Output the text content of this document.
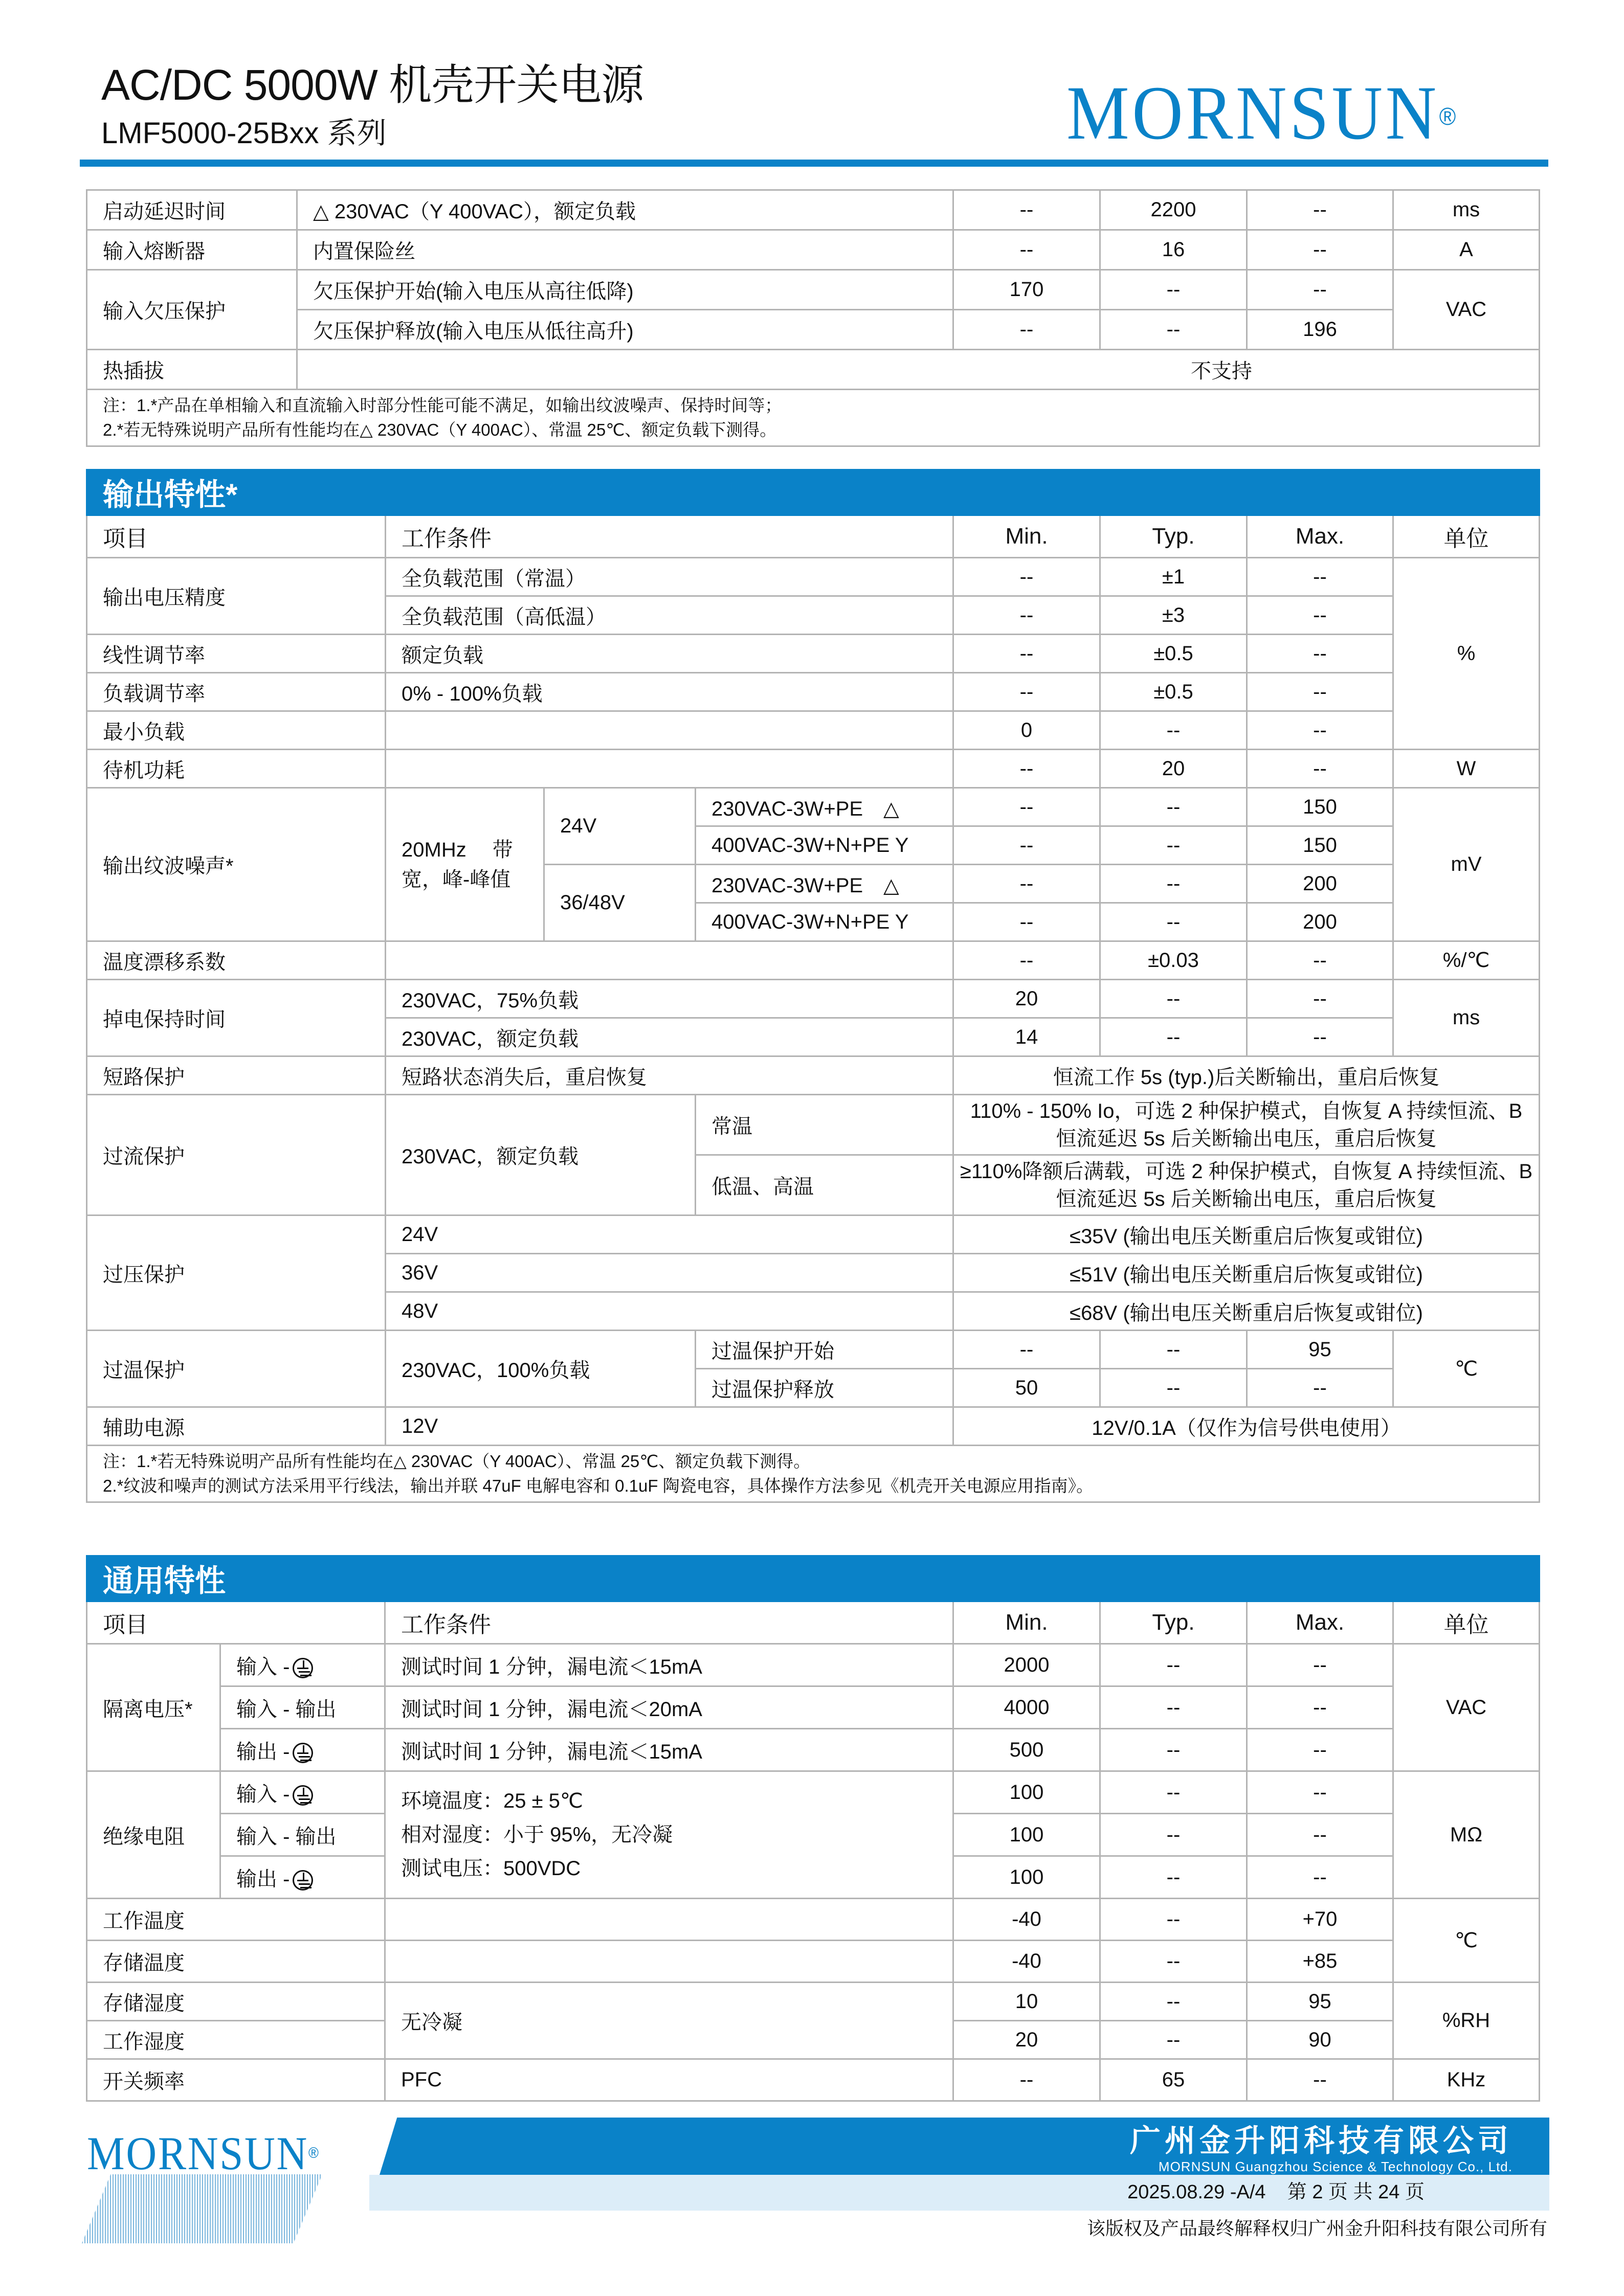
AC/DC 5000W 机壳开关电源
LMF5000-25Bxx 系列	MORNSUN®
启动延迟时间	△ 230VAC（Y 400VAC），额定负载	--	2200	--	ms
输入熔断器	内置保险丝	--	16	--	A
输入欠压保护	欠压保护开始(输入电压从高往低降)	170	--	--	VAC
	欠压保护释放(输入电压从低往高升)	--	--	196	
热插拔		不支持			

注：1.*产品在单相输入和直流输入时部分性能可能不满足，如输出纹波噪声、保持时间等；
2.*若无特殊说明产品所有性能均在△ 230VAC（Y 400AC）、常温 25℃、额定负载下测得。					
输出特性*							
项目	工作条件			Min.	Typ.	Max.	单位
输出电压精度	全负载范围（常温）			--	±1	--	%
	全负载范围（高低温）			--	±3	--	
线性调节率	额定负载			--	±0.5	--	
负载调节率	0% - 100%负载			--	±0.5	--	
最小负载				0	--	--	
待机功耗				--	20	--	W
输出纹波噪声*	20MHz　 带宽，峰-峰值	24V	230VAC-3W+PE　△	--	--	150	mV
			400VAC-3W+N+PE Y	--	--	150	
		36/48V	230VAC-3W+PE　△	--	--	200	
			400VAC-3W+N+PE Y	--	--	200	
温度漂移系数				--	±0.03	--	%/℃
掉电保持时间	230VAC，75%负载			20	--	--	ms
	230VAC，额定负载			14	--	--	
短路保护	短路状态消失后，重启恢复			恒流工作 5s (typ.)后关断输出，重启后恢复			
过流保护	230VAC，额定负载		常温	110% - 150% Io，可选 2 种保护模式，自恢复 A 持续恒流、B 恒流延迟 5s 后关断输出电压，重启后恢复			
			低温、高温	≥110%降额后满载，可选 2 种保护模式，自恢复 A 持续恒流、B 恒流延迟 5s 后关断输出电压，重启后恢复			
过压保护	24V			≤35V (输出电压关断重启后恢复或钳位)			
	36V			≤51V (输出电压关断重启后恢复或钳位)			
	48V			≤68V (输出电压关断重启后恢复或钳位)			
过温保护	230VAC，100%负载		过温保护开始	--	--	95	℃
			过温保护释放	50	--	--	
辅助电源	12V			12V/0.1A（仅作为信号供电使用）			

注：1.*若无特殊说明产品所有性能均在△ 230VAC（Y 400AC）、常温 25℃、额定负载下测得。
2.*纹波和噪声的测试方法采用平行线法，输出并联 47uF 电解电容和 0.1uF 陶瓷电容，具体操作方法参见《机壳开关电源应用指南》。							
通用特性						
项目		工作条件	Min.	Typ.	Max.	单位
隔离电压*	输入 -	测试时间 1 分钟，漏电流＜15mA	2000	--	--	VAC
	输入 - 输出	测试时间 1 分钟，漏电流＜20mA	4000	--	--	
	输出 -	测试时间 1 分钟，漏电流＜15mA	500	--	--	
绝缘电阻	输入 -	环境温度：25 ± 5℃
相对湿度：小于 95%，无冷凝
测试电压：500VDC	100	--	--	MΩ
	输入 - 输出		100	--	--	
	输出 -		100	--	--	
工作温度			-40	--	+70	℃
存储温度			-40	--	+85	
存储湿度		无冷凝	10	--	95	%RH
工作湿度			20	--	90	
开关频率		PFC	--	65	--	KHz
MORNSUN®	广州金升阳科技有限公司
MORNSUN Guangzhou Science & Technology Co., Ltd.
2025.08.29 -A/4 第 2 页 共 24 页
该版权及产品最终解释权归广州金升阳科技有限公司所有
